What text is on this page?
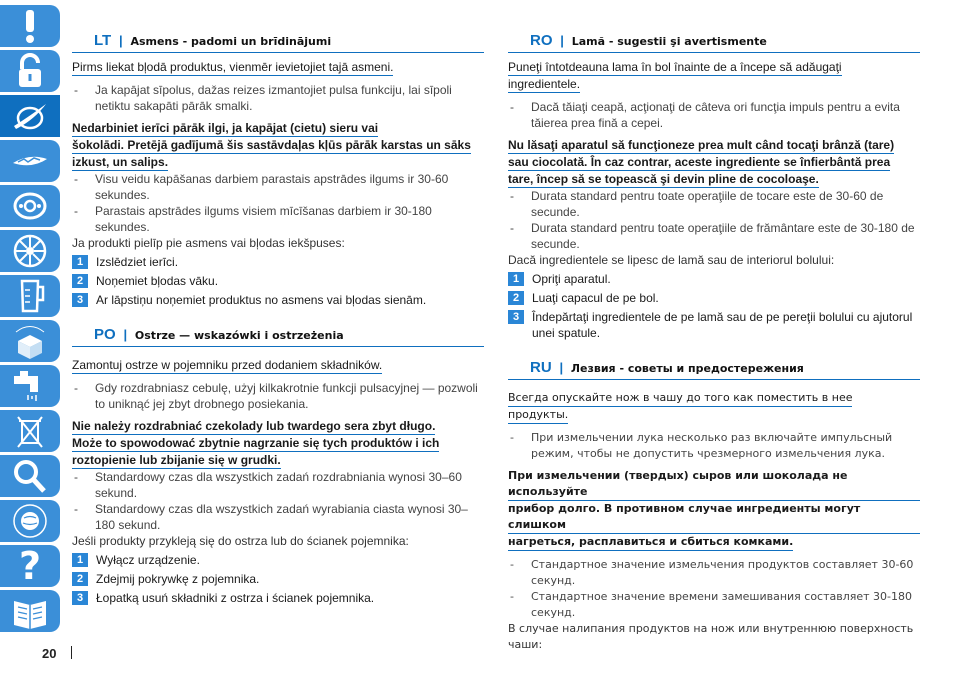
?
20
LT  |  Asmens - padomi un brīdinājumi

Pirms liekat bļodā produktus, vienmēr ievietojiet tajā asmeni.

- Ja kapājat sīpolus, dažas reizes izmantojiet pulsa funkciju, lai sīpoli netiktu sakapāti pārāk smalki.

Nedarbiniet ierīci pārāk ilgi, ja kapājat (cietu) sieru vai

šokolādi. Pretējā gadījumā šis sastāvdaļas kļūs pārāk karstas un sāks

izkust, un salips.

- Visu veidu kapāšanas darbiem parastais apstrādes ilgums ir 30-60 sekundes.
- Parastais apstrādes ilgums visiem mīcīšanas darbiem ir 30-180 sekundes.

Ja produkti pielīp pie asmens vai bļodas iekšpuses:

1	Izslēdziet ierīci.
2	Noņemiet bļodas vāku.
3	Ar lāpstiņu noņemiet produktus no asmens vai bļodas sienām.
PO  |  Ostrze — wskazówki i ostrzeżenia

Zamontuj ostrze w pojemniku przed dodaniem składników.

- Gdy rozdrabniasz cebulę, użyj kilkakrotnie funkcji pulsacyjnej — pozwoli to uniknąć jej zbyt drobnego posiekania.

Nie należy rozdrabniać czekolady lub twardego sera zbyt długo.

Może to spowodować zbytnie nagrzanie się tych produktów i ich

roztopienie lub zbijanie się w grudki.

- Standardowy czas dla wszystkich zadań rozdrabniania wynosi 30–60 sekund.
- Standardowy czas dla wszystkich zadań wyrabiania ciasta wynosi 30–180 sekund.

Jeśli produkty przykleją się do ostrza lub do ścianek pojemnika:

1	Wyłącz urządzenie.
2	Zdejmij pokrywkę z pojemnika.
3	Łopatką usuń składniki z ostrza i ścianek pojemnika.
RO  |  Lamă - sugestii şi avertismente

Puneţi întotdeauna lama în bol înainte de a începe să adăugaţi

ingredientele.

- Dacă tăiaţi ceapă, acţionaţi de câteva ori funcţia impuls pentru a evita tăierea prea fină a cepei.

Nu lăsaţi aparatul să funcţioneze prea mult când tocaţi brânză (tare)

sau ciocolată. În caz contrar, aceste ingrediente se înfierbântă prea

tare, încep să se topească şi devin pline de cocoloaşe.

- Durata standard pentru toate operaţiile de tocare este de 30-60 de secunde.
- Durata standard pentru toate operaţiile de frământare este de 30-180 de secunde.

Dacă ingredientele se lipesc de lamă sau de interiorul bolului:

1	Opriţi aparatul.
2	Luaţi capacul de pe bol.
3	Îndepărtaţi ingredientele de pe lamă sau de pe pereţii bolului cu ajutorul unei spatule.
RU  |  Лезвия - советы и предостережения

Всегда опускайте нож в чашу до того как поместить в нее

продукты.

- При измельчении лука несколько раз включайте импульсный режим, чтобы не допустить чрезмерного измельчения лука.

При измельчении (твердых) сыров или шоколада не используйте

прибор долго. В противном случае ингредиенты могут слишком

нагреться, расплавиться и сбиться комками.

- Стандартное значение измельчения продуктов составляет 30-60 секунд.
- Стандартное значение времени замешивания составляет 30-180 секунд.

В случае налипания продуктов на нож или внутреннюю поверхность чаши:
